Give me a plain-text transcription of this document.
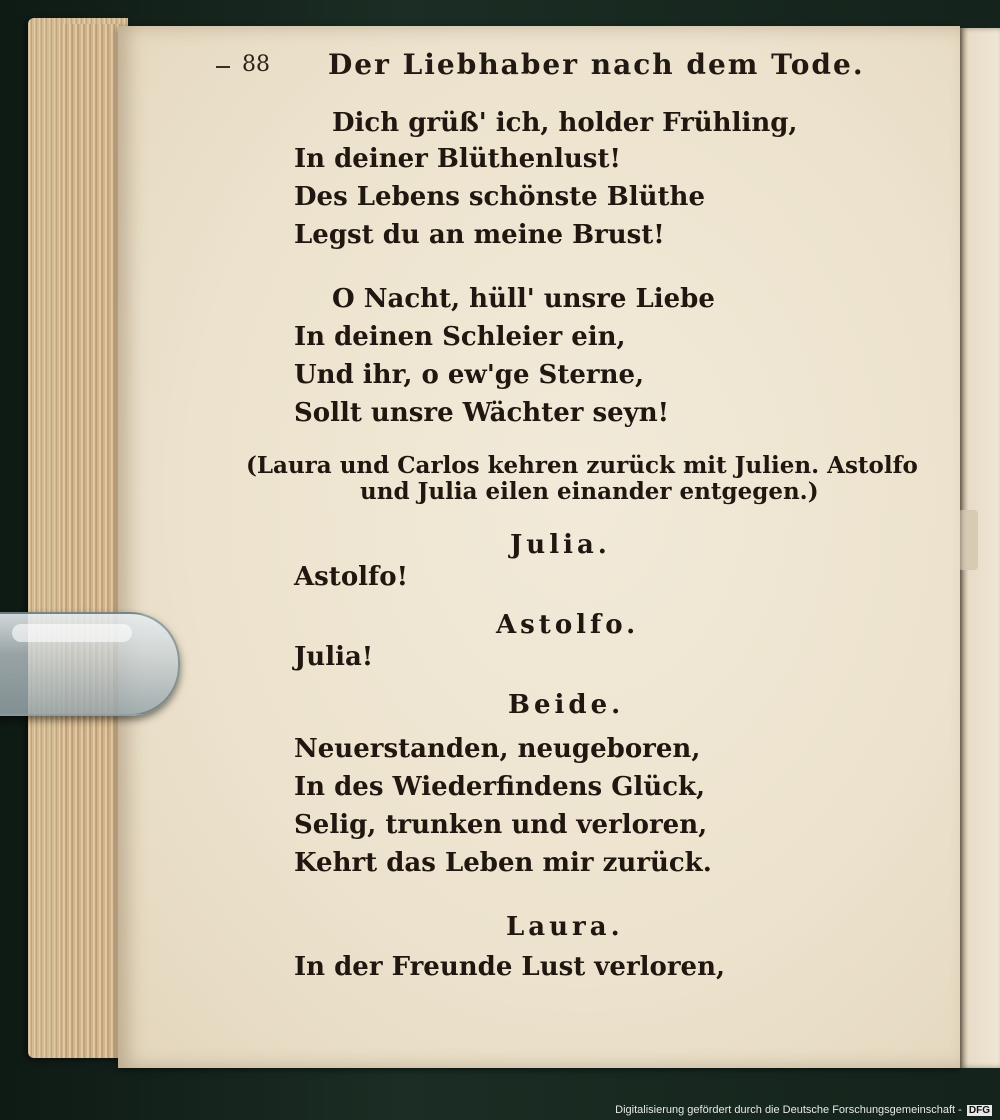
88 Der Liebhaber nach dem Tode.
Dich grüß' ich, holder Frühling,
In deiner Blüthenlust!
Des Lebens schönste Blüthe
Legst du an meine Brust!
O Nacht, hüll' unsre Liebe
In deinen Schleier ein,
Und ihr, o ew'ge Sterne,
Sollt unsre Wächter seyn!
(Laura und Carlos kehren zurück mit Julien. Astolfo
und Julia eilen einander entgegen.)
Julia.
Astolfo!
Astolfo.
Julia!
Beide.
Neuerstanden, neugeboren,
In des Wiederfindens Glück,
Selig, trunken und verloren,
Kehrt das Leben mir zurück.
Laura.
In der Freunde Lust verloren,
Digitalisierung gefördert durch die Deutsche Forschungsgemeinschaft - DFG
